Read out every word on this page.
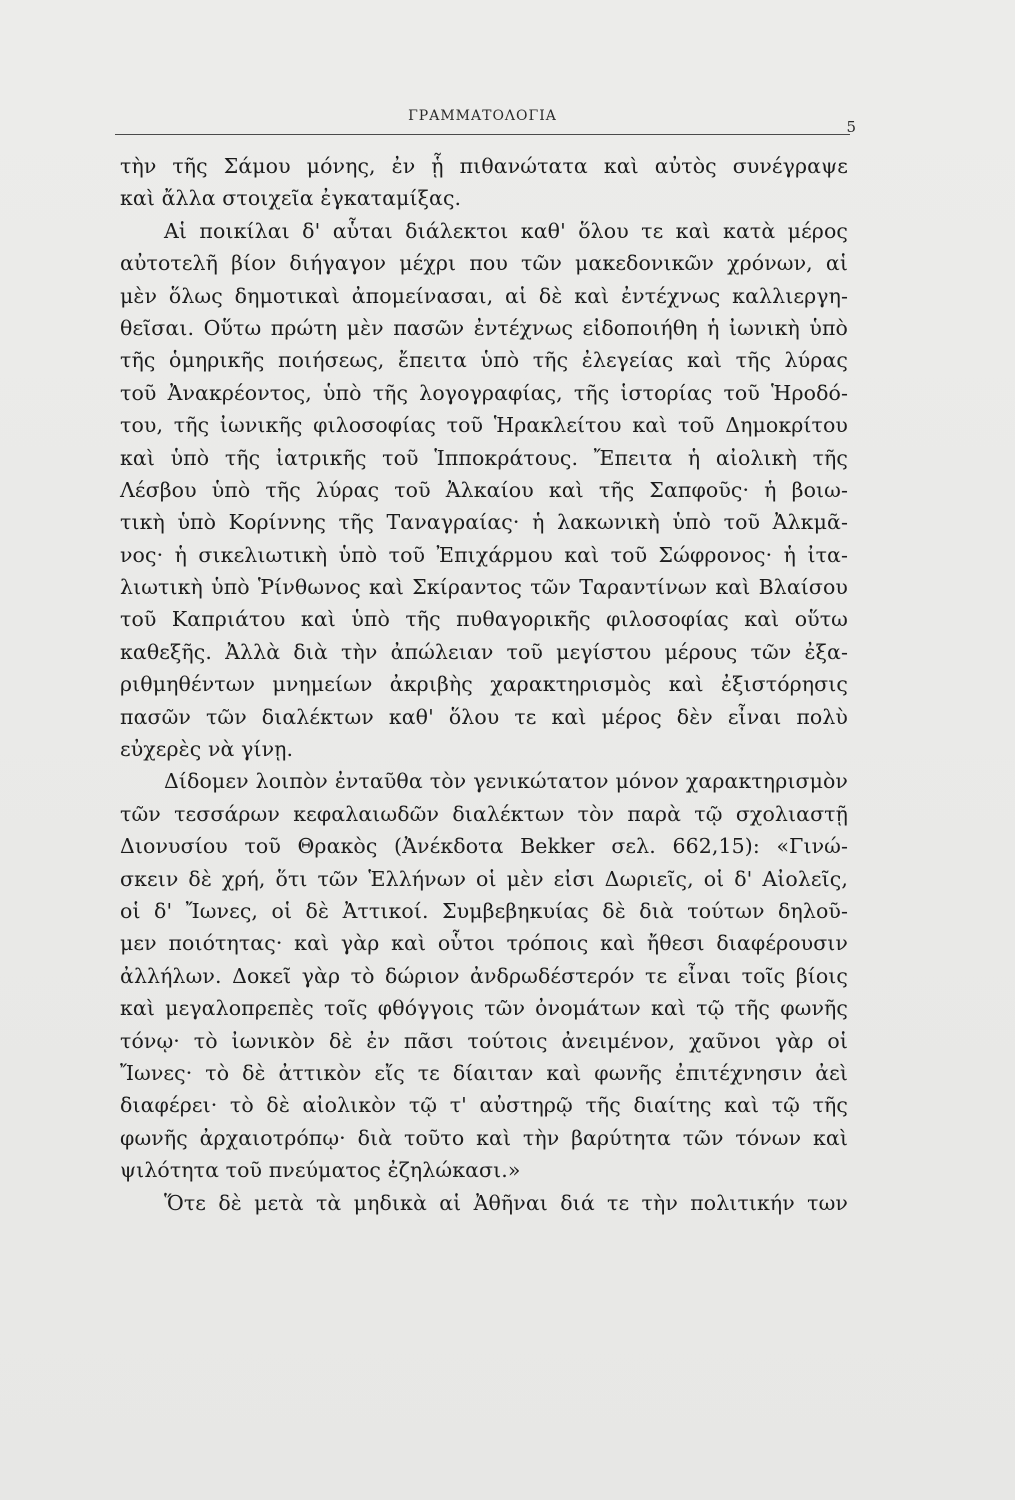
ΓΡΑΜΜΑΤΟΛΟΓΙΑ
5
τὴν τῆς Σάμου μόνης, ἐν ᾗ πιθανώτατα καὶ αὐτὸς συνέγραψε
καὶ ἄλλα στοιχεῖα ἐγκαταμίξας.
Αἱ ποικίλαι δ' αὗται διάλεκτοι καθ' ὅλου τε καὶ κατὰ μέρος
αὐτοτελῆ βίον διήγαγον μέχρι που τῶν μακεδονικῶν χρόνων, αἱ
μὲν ὅλως δημοτικαὶ ἀπομείνασαι, αἱ δὲ καὶ ἐντέχνως καλλιεργη-
θεῖσαι. Οὕτω πρώτη μὲν πασῶν ἐντέχνως εἰδοποιήθη ἡ ἰωνικὴ ὑπὸ
τῆς ὁμηρικῆς ποιήσεως, ἔπειτα ὑπὸ τῆς ἐλεγείας καὶ τῆς λύρας
τοῦ Ἀνακρέοντος, ὑπὸ τῆς λογογραφίας, τῆς ἱστορίας τοῦ Ἡροδό-
του, τῆς ἰωνικῆς φιλοσοφίας τοῦ Ἡρακλείτου καὶ τοῦ Δημοκρίτου
καὶ ὑπὸ τῆς ἰατρικῆς τοῦ Ἱπποκράτους. Ἔπειτα ἡ αἰολικὴ τῆς
Λέσβου ὑπὸ τῆς λύρας τοῦ Ἀλκαίου καὶ τῆς Σαπφοῦς· ἡ βοιω-
τικὴ ὑπὸ Κορίννης τῆς Ταναγραίας· ἡ λακωνικὴ ὑπὸ τοῦ Ἀλκμᾶ-
νος· ἡ σικελιωτικὴ ὑπὸ τοῦ Ἐπιχάρμου καὶ τοῦ Σώφρονος· ἡ ἰτα-
λιωτικὴ ὑπὸ Ῥίνθωνος καὶ Σκίραντος τῶν Ταραντίνων καὶ Βλαίσου
τοῦ Καπριάτου καὶ ὑπὸ τῆς πυθαγορικῆς φιλοσοφίας καὶ οὕτω
καθεξῆς. Ἀλλὰ διὰ τὴν ἀπώλειαν τοῦ μεγίστου μέρους τῶν ἐξα-
ριθμηθέντων μνημείων ἀκριβὴς χαρακτηρισμὸς καὶ ἐξιστόρησις
πασῶν τῶν διαλέκτων καθ' ὅλου τε καὶ μέρος δὲν εἶναι πολὺ
εὐχερὲς νὰ γίνῃ.
Δίδομεν λοιπὸν ἐνταῦθα τὸν γενικώτατον μόνον χαρακτηρισμὸν
τῶν τεσσάρων κεφαλαιωδῶν διαλέκτων τὸν παρὰ τῷ σχολιαστῇ
Διονυσίου τοῦ Θρακὸς (Ἀνέκδοτα Bekker σελ. 662,15): «Γινώ-
σκειν δὲ χρή, ὅτι τῶν Ἑλλήνων οἱ μὲν εἰσι Δωριεῖς, οἱ δ' Αἰολεῖς,
οἱ δ' Ἴωνες, οἱ δὲ Ἀττικοί. Συμβεβηκυίας δὲ διὰ τούτων δηλοῦ-
μεν ποιότητας· καὶ γὰρ καὶ οὗτοι τρόποις καὶ ἤθεσι διαφέρουσιν
ἀλλήλων. Δοκεῖ γὰρ τὸ δώριον ἀνδρωδέστερόν τε εἶναι τοῖς βίοις
καὶ μεγαλοπρεπὲς τοῖς φθόγγοις τῶν ὀνομάτων καὶ τῷ τῆς φωνῆς
τόνῳ· τὸ ἰωνικὸν δὲ ἐν πᾶσι τούτοις ἀνειμένον, χαῦνοι γὰρ οἱ
Ἴωνες· τὸ δὲ ἀττικὸν εἴς τε δίαιταν καὶ φωνῆς ἐπιτέχνησιν ἀεὶ
διαφέρει· τὸ δὲ αἰολικὸν τῷ τ' αὐστηρῷ τῆς διαίτης καὶ τῷ τῆς
φωνῆς ἀρχαιοτρόπῳ· διὰ τοῦτο καὶ τὴν βαρύτητα τῶν τόνων καὶ
ψιλότητα τοῦ πνεύματος ἐζηλώκασι.»
Ὅτε δὲ μετὰ τὰ μηδικὰ αἱ Ἀθῆναι διά τε τὴν πολιτικήν των
